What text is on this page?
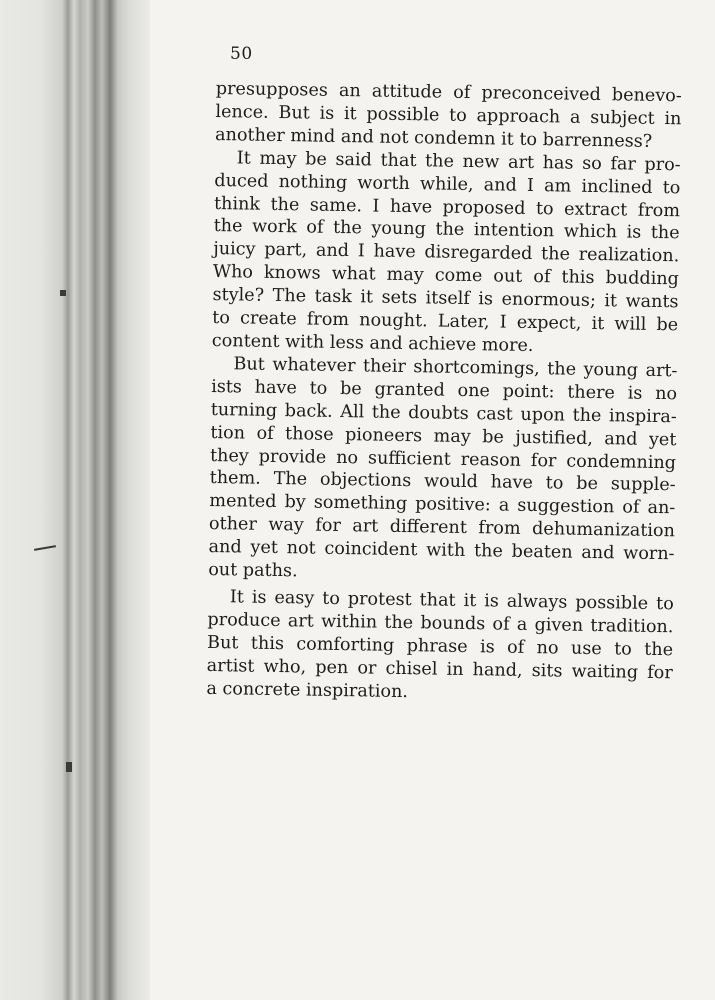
50
presupposes an attitude of preconceived benevo-
lence. But is it possible to approach a subject in
another mind and not condemn it to barrenness?
It may be said that the new art has so far pro-
duced nothing worth while, and I am inclined to
think the same. I have proposed to extract from
the work of the young the intention which is the
juicy part, and I have disregarded the realization.
Who knows what may come out of this budding
style? The task it sets itself is enormous; it wants
to create from nought. Later, I expect, it will be
content with less and achieve more.
But whatever their shortcomings, the young art-
ists have to be granted one point: there is no
turning back. All the doubts cast upon the inspira-
tion of those pioneers may be justified, and yet
they provide no sufficient reason for condemning
them. The objections would have to be supple-
mented by something positive: a suggestion of an-
other way for art different from dehumanization
and yet not coincident with the beaten and worn-
out paths.
It is easy to protest that it is always possible to
produce art within the bounds of a given tradition.
But this comforting phrase is of no use to the
artist who, pen or chisel in hand, sits waiting for
a concrete inspiration.
